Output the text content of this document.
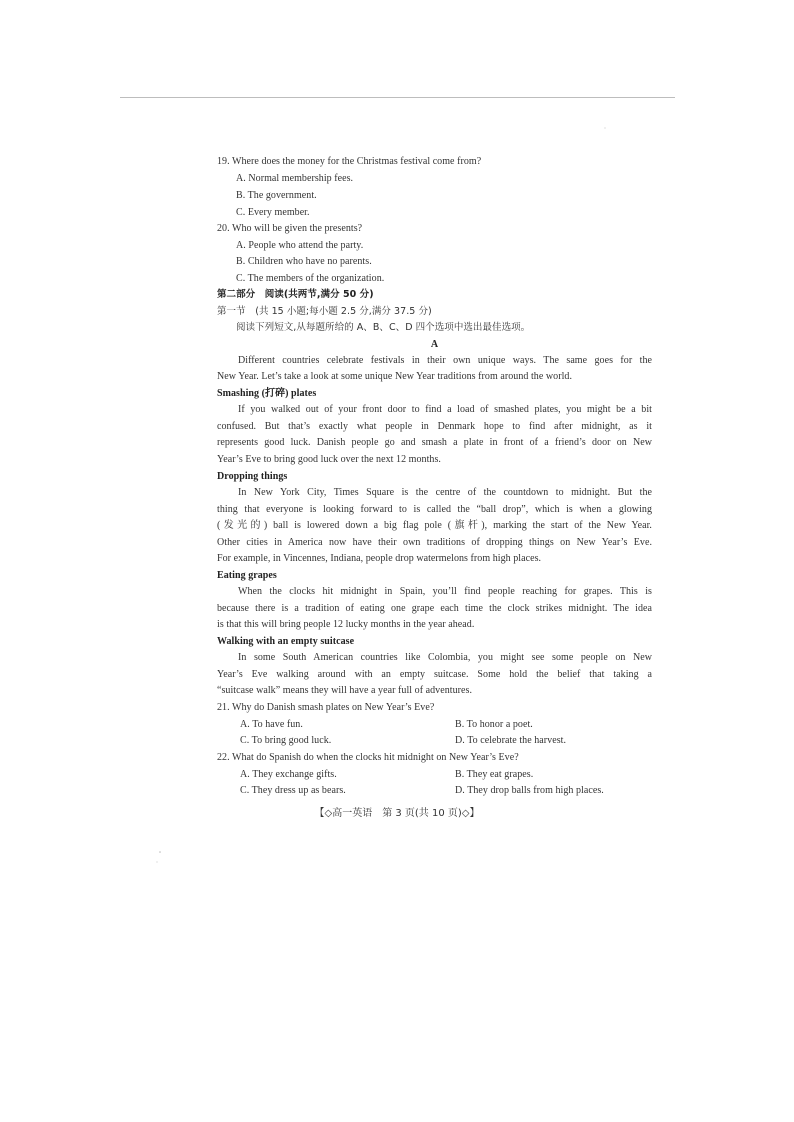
19. Where does the money for the Christmas festival come from?
A. Normal membership fees.
B. The government.
C. Every member.
20. Who will be given the presents?
A. People who attend the party.
B. Children who have no parents.
C. The members of the organization.
第二部分　阅读(共两节,满分 50 分)
第一节　(共 15 小题;每小题 2.5 分,满分 37.5 分)
阅读下列短文,从每题所给的 A、B、C、D 四个选项中选出最佳选项。
A
Different countries celebrate festivals in their own unique ways. The same goes for the
New Year. Let’s take a look at some unique New Year traditions from around the world.
Smashing (打碎) plates
If you walked out of your front door to find a load of smashed plates, you might be a bit
confused. But that’s exactly what people in Denmark hope to find after midnight, as it
represents good luck. Danish people go and smash a plate in front of a friend’s door on New
Year’s Eve to bring good luck over the next 12 months.
Dropping things
In New York City, Times Square is the centre of the countdown to midnight. But the
thing that everyone is looking forward to is called the “ball drop”, which is when a glowing
(发光的) ball is lowered down a big flag pole (旗杆), marking the start of the New Year.
Other cities in America now have their own traditions of dropping things on New Year’s Eve.
For example, in Vincennes, Indiana, people drop watermelons from high places.
Eating grapes
When the clocks hit midnight in Spain, you’ll find people reaching for grapes. This is
because there is a tradition of eating one grape each time the clock strikes midnight. The idea
is that this will bring people 12 lucky months in the year ahead.
Walking with an empty suitcase
In some South American countries like Colombia, you might see some people on New
Year’s Eve walking around with an empty suitcase. Some hold the belief that taking a
“suitcase walk” means they will have a year full of adventures.
21. Why do Danish smash plates on New Year’s Eve?
A. To have fun.	B. To honor a poet.
C. To bring good luck.	D. To celebrate the harvest.
22. What do Spanish do when the clocks hit midnight on New Year’s Eve?
A. They exchange gifts.	B. They eat grapes.
C. They dress up as bears.	D. They drop balls from high places.
【◇高一英语　第 3 页(共 10 页)◇】
